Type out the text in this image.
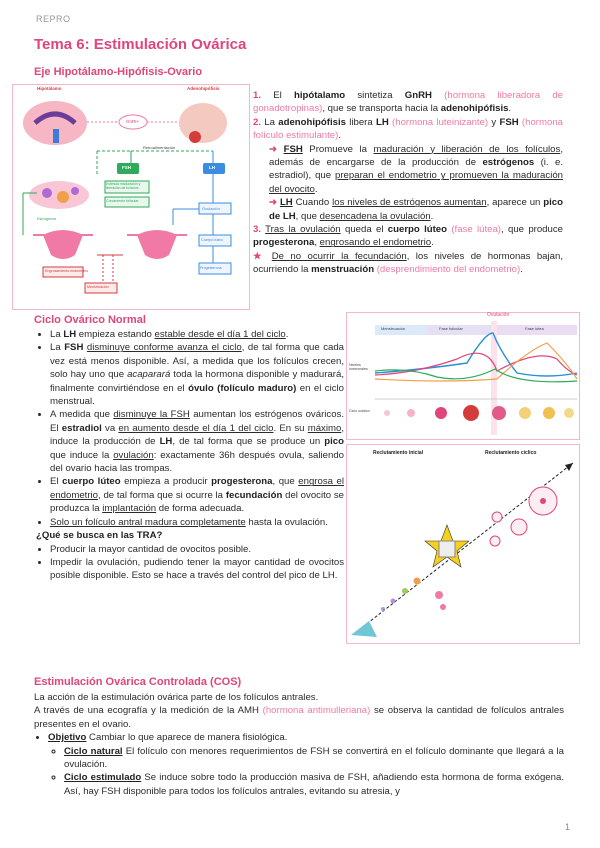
REPRO
Tema 6: Estimulación Ovárica
Eje Hipotálamo-Hipófisis-Ovario
Hipotálamo	Adenohipófisis
GnRH
Retroalimentación
FSH	LH
Estimula maduración y liberación de folículos
Crecimiento folicular
Ovulación
Cuerpo lúteo
Progesterona
Estrógenos
Engrosamiento endometrio
Menstruación
1. El hipótalamo sintetiza GnRH (hormona liberadora de gonadotropinas), que se transporta hacia la adenohipófisis.
2. La adenohipófisis libera LH (hormona luteinizante) y FSH (hormona folículo estimulante).
➜ FSH Promueve la maduración y liberación de los folículos, además de encargarse de la producción de estrógenos (i. e. estradiol), que preparan el endometrio y promueven la maduración del ovocito.
➜ LH Cuando los niveles de estrógenos aumentan, aparece un pico de LH, que desencadena la ovulación.
3. Tras la ovulación queda el cuerpo lúteo (fase lútea), que produce progesterona, engrosando el endometrio.
★ De no ocurrir la fecundación, los niveles de hormonas bajan, ocurriendo la menstruación (desprendimiento del endometrio).
Ciclo Ovárico Normal
• La LH empieza estando estable desde el día 1 del ciclo.
• La FSH disminuye conforme avanza el ciclo, de tal forma que cada vez está menos disponible. Así, a medida que los folículos crecen, solo hay uno que acaparará toda la hormona disponible y madurará, finalmente convirtiéndose en el óvulo (folículo maduro) en el ciclo menstrual.
• A medida que disminuye la FSH aumentan los estrógenos ováricos. El estradiol va en aumento desde el día 1 del ciclo. En su máximo, induce la producción de LH, de tal forma que se produce un pico que induce la ovulación: exactamente 36h después ovula, saliendo del ovario hacia las trompas.
• El cuerpo lúteo empieza a producir progesterona, que engrosa el endometrio, de tal forma que si ocurre la fecundación del ovocito se produzca la implantación de forma adecuada.
• Solo un folículo antral madura completamente hasta la ovulación.
¿Qué se busca en las TRA?
• Producir la mayor cantidad de ovocitos posible.
• Impedir la ovulación, pudiendo tener la mayor cantidad de ovocitos posible disponible. Esto se hace a través del control del pico de LH.
Ovulación
Menstruación	Fase folicular	Fase lútea
Niveles hormonales
Ciclo ovárico
Reclutamiento inicial	Reclutamiento cíclico
Estimulación Ovárica Controlada (COS)
La acción de la estimulación ovárica parte de los folículos antrales.
A través de una ecografía y la medición de la AMH (hormona antimulleriana) se observa la cantidad de folículos antrales presentes en el ovario.
• Objetivo Cambiar lo que aparece de manera fisiológica.
◦ Ciclo natural El folículo con menores requerimientos de FSH se convertirá en el folículo dominante que llegará a la ovulación.
◦ Ciclo estimulado Se induce sobre todo la producción masiva de FSH, añadiendo esta hormona de forma exógena. Así, hay FSH disponible para todos los folículos antrales, evitando su atresia, y
1
